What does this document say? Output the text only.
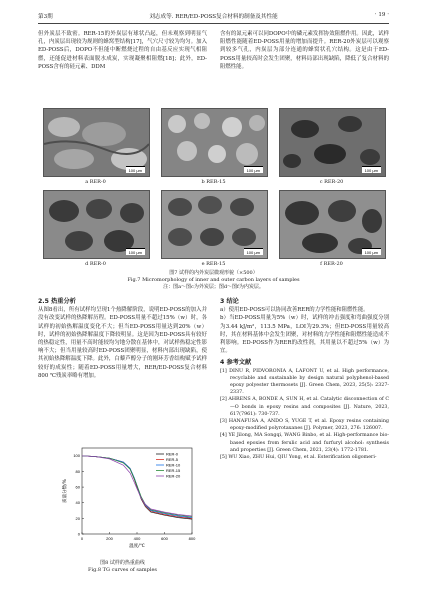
第3期	刘志成等. RER/ED-POSS复合材料的制备及其性能	· 19 ·

但外炭层不致密。RER-15的外炭层有球状凸起，但未观察到明显气孔，内炭层出现较为规则的蜂窝型结构[17]，气穴尺寸较为均匀。加入ED-POSS后，DOPO不但能中断燃烧过程的自由基反应实现气相阻燃，还能促进材料表面脱水成炭，实现凝聚相阻燃[18]；此外，ED-POSS含有的硅元素、DDM

含有的氮元素可以同DOPO中的磷元素发挥协效阻燃作用。因此，试样阻燃性能随着ED-POSS用量的增加而提升。RER-20外炭层可以观察到较多气孔，内炭层为部分连通的蜂窝状孔穴结构。这是由于ED-POSS用量较高时会发生团聚，材料局部出现缺陷，降低了复合材料的阻燃性能。

100 μm	100 μm	100 μm
a RER-0	b RER-15	c RER-20
100 μm	100 μm	100 μm
d RER-0	e RER-15	f RER-20
图7 试样的内外炭层微观形貌（×500）
Fig.7 Micromorphology of inner and outer carbon layers of samples
注：图a～图c为外炭层；图d～图f为内炭层。

2.5 热重分析

从图8看出，所有试样均呈现1个热降解阶段，说明ED-POSS的加入并没有改变试样的热降解历程。ED-POSS用量不超过15%（w）时，各试样的初始热解温度变化不大；但当ED-POSS用量达到20%（w）时，试样的初始热降解温度下降较明显。这是因为ED-POSS具有较好的热稳定性，用量不高时能较均匀地分散在基体中，对试样热稳定性影响不大；但当用量较高时ED-POSS团聚明显，材料内部出现缺陷，使其初始热降解温度下降。此外，白藜芦醇分子的刚环芳香结构赋予试样较好的成炭性；随着ED-POSS用量增大，RER/ED-POSS复合材料800 ℃残炭率略有增加。

0	200	400	600	800
0
20
40
60
80
100
温度/℃
质量分数/%
RER-0
RER-5
RER-10
RER-15
RER-20
图8 试样的热重曲线
Fig.8 TG curves of samples

3 结论

a）使用ED-POSS可以协同改善RER的力学性能和阻燃性能。

b）当ED-POSS用量为5%（w）时，试样的冲击强度和弯曲强度分别为3.44 kJ/m²，113.5 MPa，LOI为29.3%；但ED-POSS用量较高时，其在材料基体中会发生团聚，对材料的力学性能和阻燃性能造成不利影响。ED-POSS作为RER的改性剂，其用量以不超过5%（w）为宜。

4 参考文献

[1] DINU R, PIDVORONIA A, LAFONT U, et al. High performance, recyclable and sustainable by design natural polyphenol-based epoxy polyester thermosets [J]. Green Chem, 2023, 25(5): 2327-2337.

[2] AHRENS A, BONDE A, SUN H, et al. Catalytic disconnection of C—O bonds in epoxy resins and composites [J]. Nature, 2023, 617(7961): 730-737.

[3] HANAFUSA A, ANDO S, YUGE T, et al. Epoxy resins containing epoxy-modified polyrotaxanes [J]. Polymer, 2023, 276: 126007.

[4] YE Jilong, MA Songqi, WANG Binbo, et al. High-performance bio-based epoxies from ferulic acid and furfuryl alcohol: synthesis and properties [J]. Green Chem, 2021, 23(4): 1772-1781.

[5] WU Xiao, ZHU Hui, QIU Yong, et al. Esterification oligomeri-
